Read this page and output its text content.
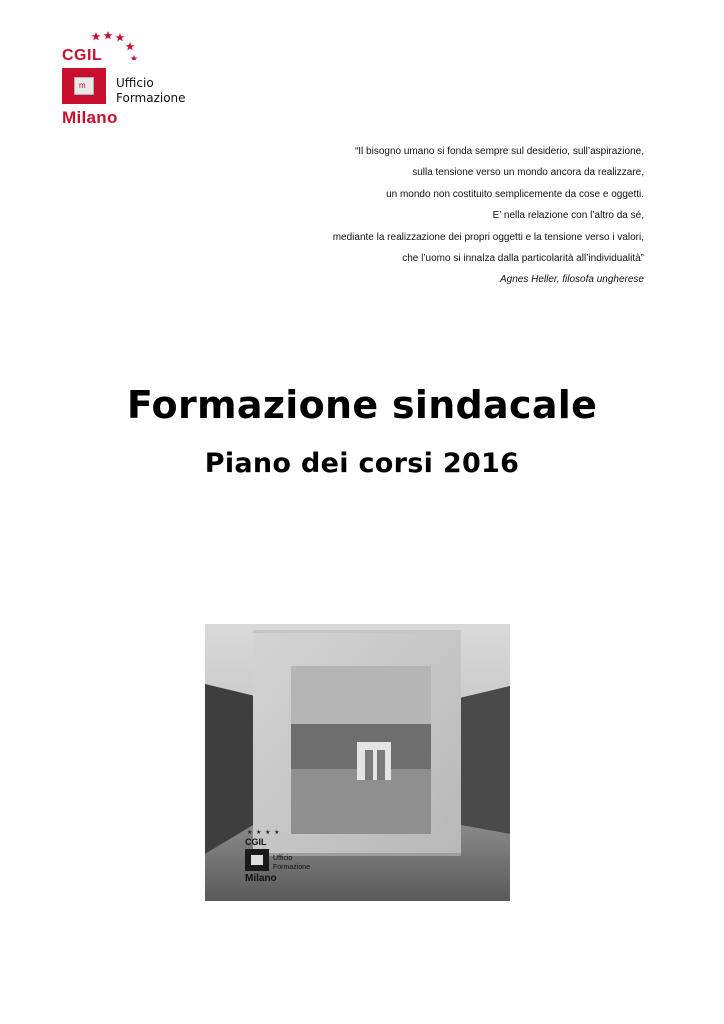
CGIL
m
Milano
Ufficio
Formazione
“Il bisogno umano si fonda sempre sul desiderio, sull’aspirazione,
sulla tensione verso un mondo ancora da realizzare,
un mondo non costituito semplicemente da cose e oggetti.
E’ nella relazione con l’altro da sé,
mediante la realizzazione dei propri oggetti e la tensione verso i valori,
che l’uomo si innalza dalla particolarità all’individualità”
Agnes Heller, filosofa ungherese
Formazione sindacale
Piano dei corsi 2016
★ ★ ★ ★
CGIL
Milano
Ufficio
Formazione
